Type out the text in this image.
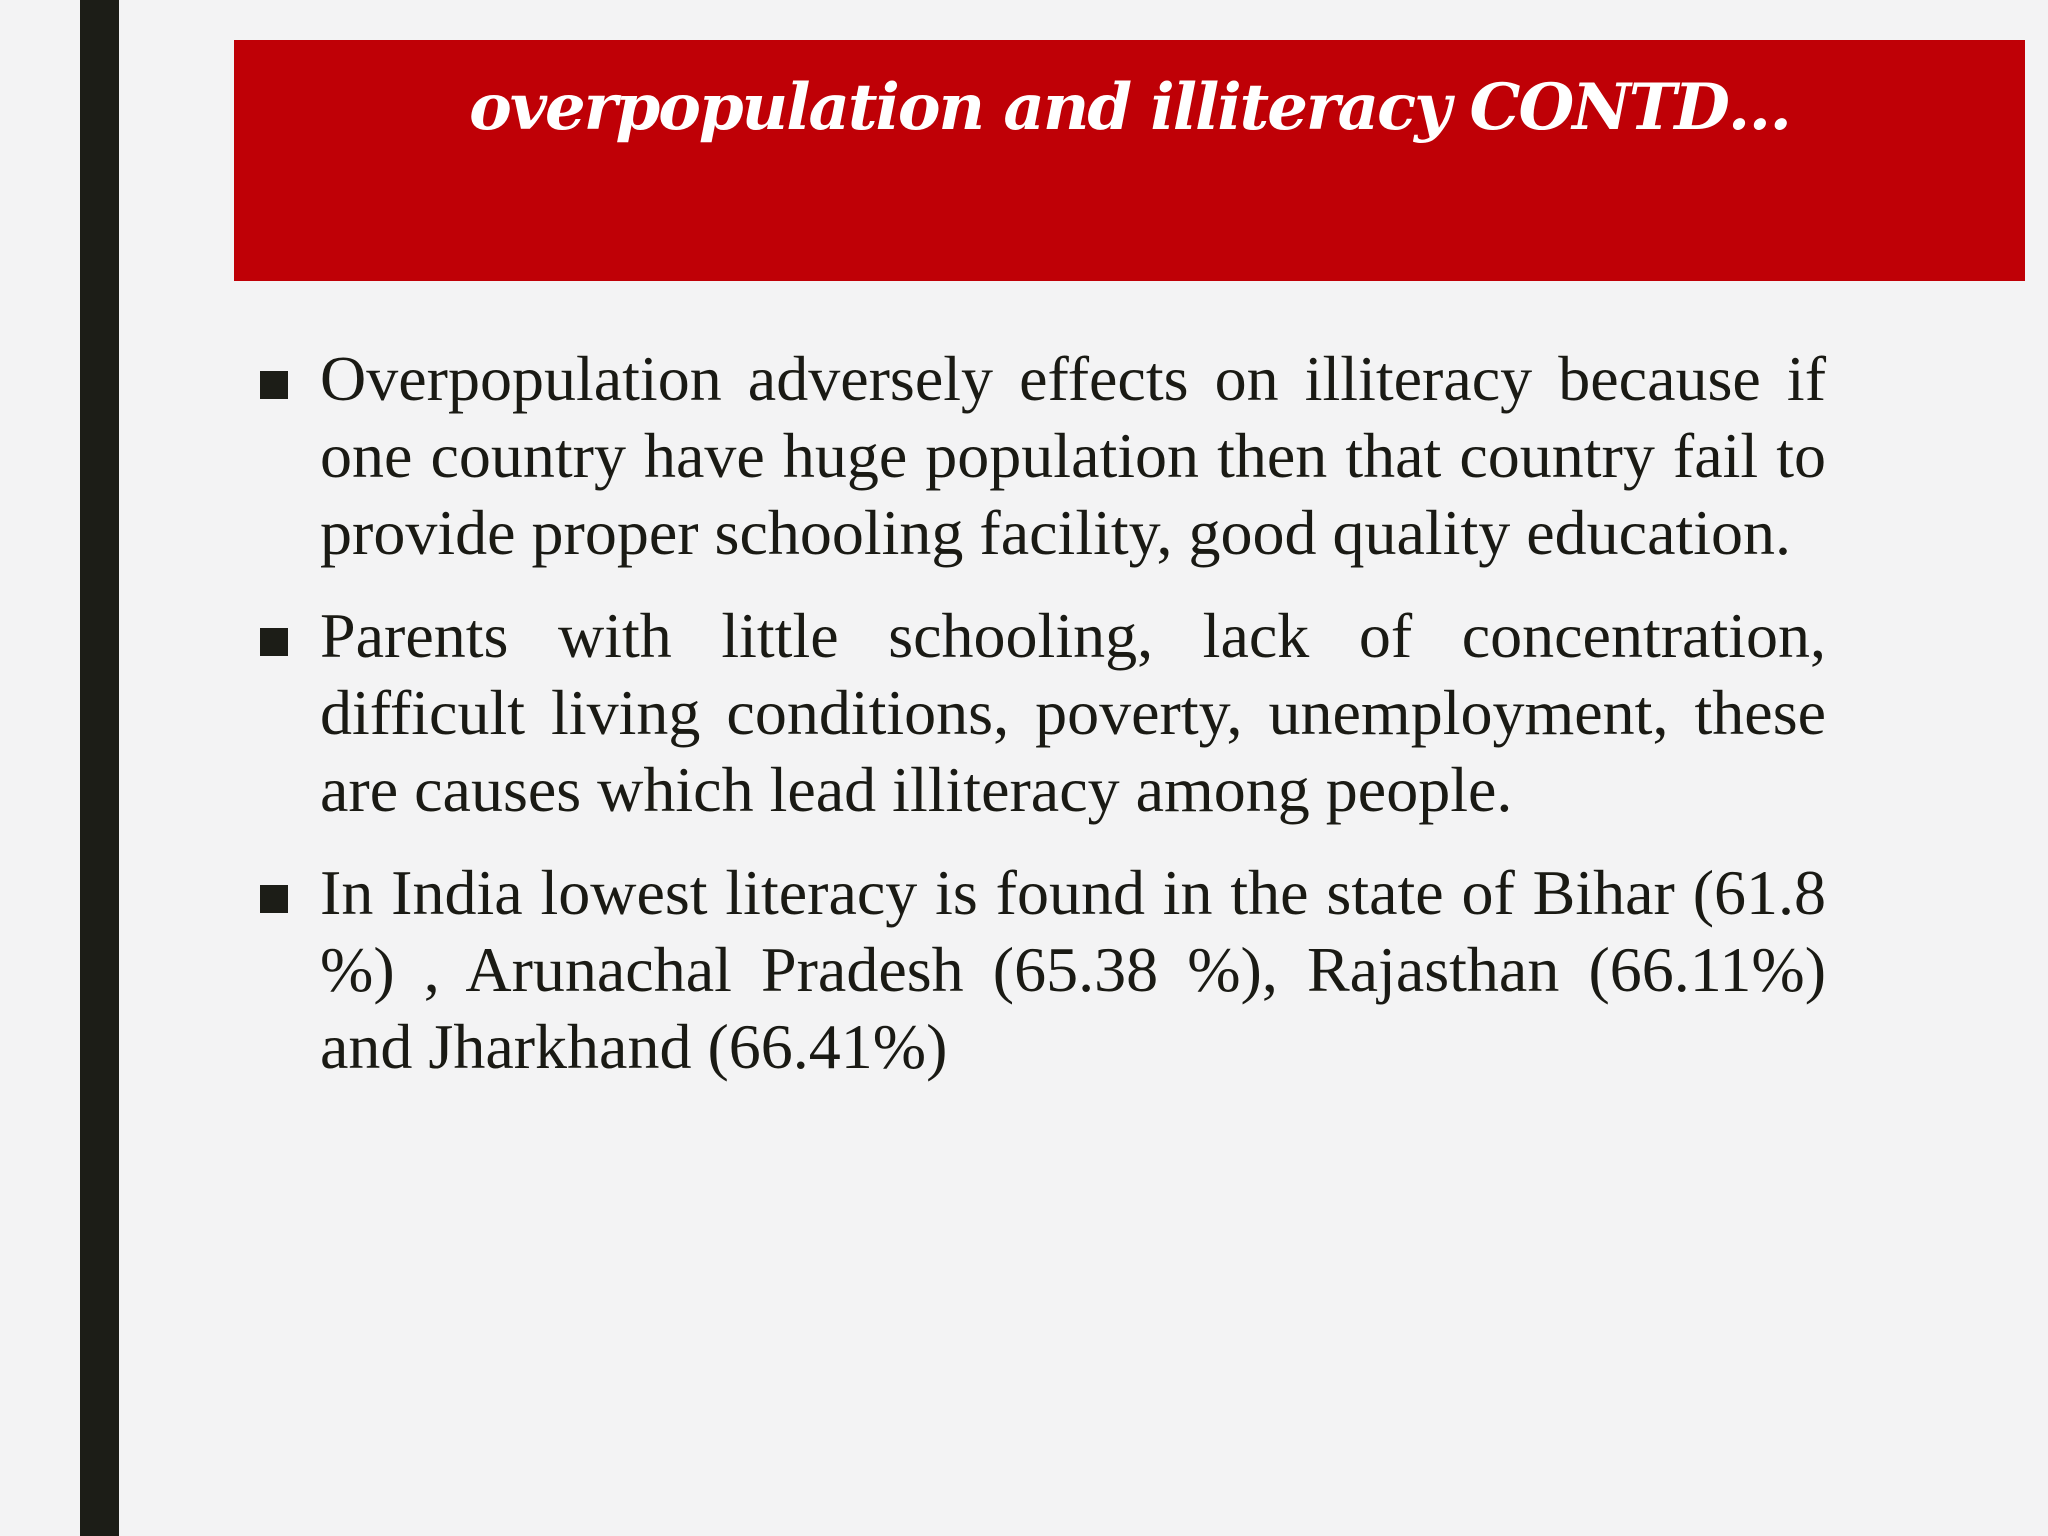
overpopulation and illiteracy CONTD…
Overpopulation adversely effects on illiteracy because if one country have huge population then that country fail to provide proper schooling facility, good quality education.
Parents with little schooling, lack of concentration, difficult living conditions, poverty, unemployment, these are causes which lead illiteracy among people.
In India lowest literacy is found in the state of Bihar (61.8 %) , Arunachal Pradesh (65.38 %), Rajasthan (66.11%) and Jharkhand (66.41%)
